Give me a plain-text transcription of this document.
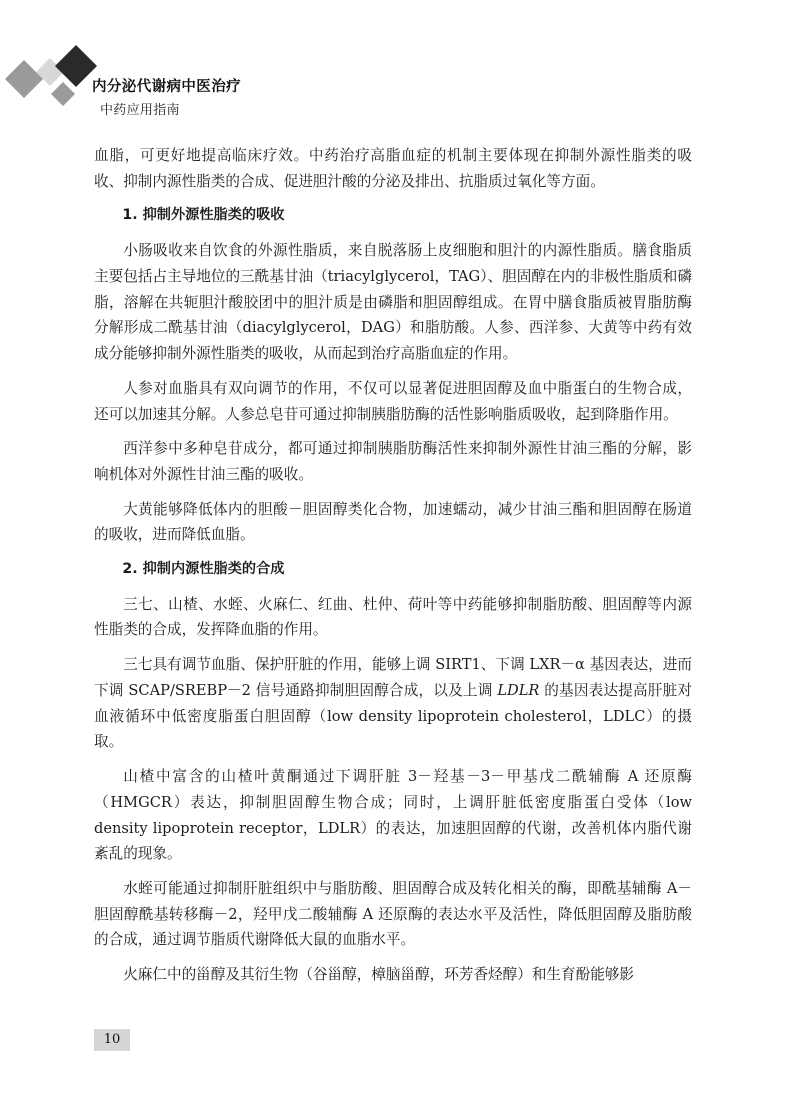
内分泌代谢病中医治疗
中药应用指南

血脂，可更好地提高临床疗效。中药治疗高脂血症的机制主要体现在抑制外源性脂类的吸收、抑制内源性脂类的合成、促进胆汁酸的分泌及排出、抗脂质过氧化等方面。

1. 抑制外源性脂类的吸收

小肠吸收来自饮食的外源性脂质，来自脱落肠上皮细胞和胆汁的内源性脂质。膳食脂质主要包括占主导地位的三酰基甘油（triacylglycerol，TAG）、胆固醇在内的非极性脂质和磷脂，溶解在共轭胆汁酸胶团中的胆汁质是由磷脂和胆固醇组成。在胃中膳食脂质被胃脂肪酶分解形成二酰基甘油（diacylglycerol，DAG）和脂肪酸。人参、西洋参、大黄等中药有效成分能够抑制外源性脂类的吸收，从而起到治疗高脂血症的作用。

人参对血脂具有双向调节的作用，不仅可以显著促进胆固醇及血中脂蛋白的生物合成，还可以加速其分解。人参总皂苷可通过抑制胰脂肪酶的活性影响脂质吸收，起到降脂作用。

西洋参中多种皂苷成分，都可通过抑制胰脂肪酶活性来抑制外源性甘油三酯的分解，影响机体对外源性甘油三酯的吸收。

大黄能够降低体内的胆酸－胆固醇类化合物，加速蠕动，减少甘油三酯和胆固醇在肠道的吸收，进而降低血脂。

2. 抑制内源性脂类的合成

三七、山楂、水蛭、火麻仁、红曲、杜仲、荷叶等中药能够抑制脂肪酸、胆固醇等内源性脂类的合成，发挥降血脂的作用。

三七具有调节血脂、保护肝脏的作用，能够上调 SIRT1、下调 LXR－α 基因表达，进而下调 SCAP/SREBP－2 信号通路抑制胆固醇合成，以及上调 LDLR 的基因表达提高肝脏对血液循环中低密度脂蛋白胆固醇（low density lipoprotein cholesterol，LDLC）的摄取。

山楂中富含的山楂叶黄酮通过下调肝脏 3－羟基－3－甲基戊二酰辅酶 A 还原酶（HMGCR）表达，抑制胆固醇生物合成；同时，上调肝脏低密度脂蛋白受体（low density lipoprotein receptor，LDLR）的表达，加速胆固醇的代谢，改善机体内脂代谢紊乱的现象。

水蛭可能通过抑制肝脏组织中与脂肪酸、胆固醇合成及转化相关的酶，即酰基辅酶 A－胆固醇酰基转移酶－2，羟甲戊二酸辅酶 A 还原酶的表达水平及活性，降低胆固醇及脂肪酸的合成，通过调节脂质代谢降低大鼠的血脂水平。

火麻仁中的甾醇及其衍生物（谷甾醇，樟脑甾醇，环芳香烃醇）和生育酚能够影

10
